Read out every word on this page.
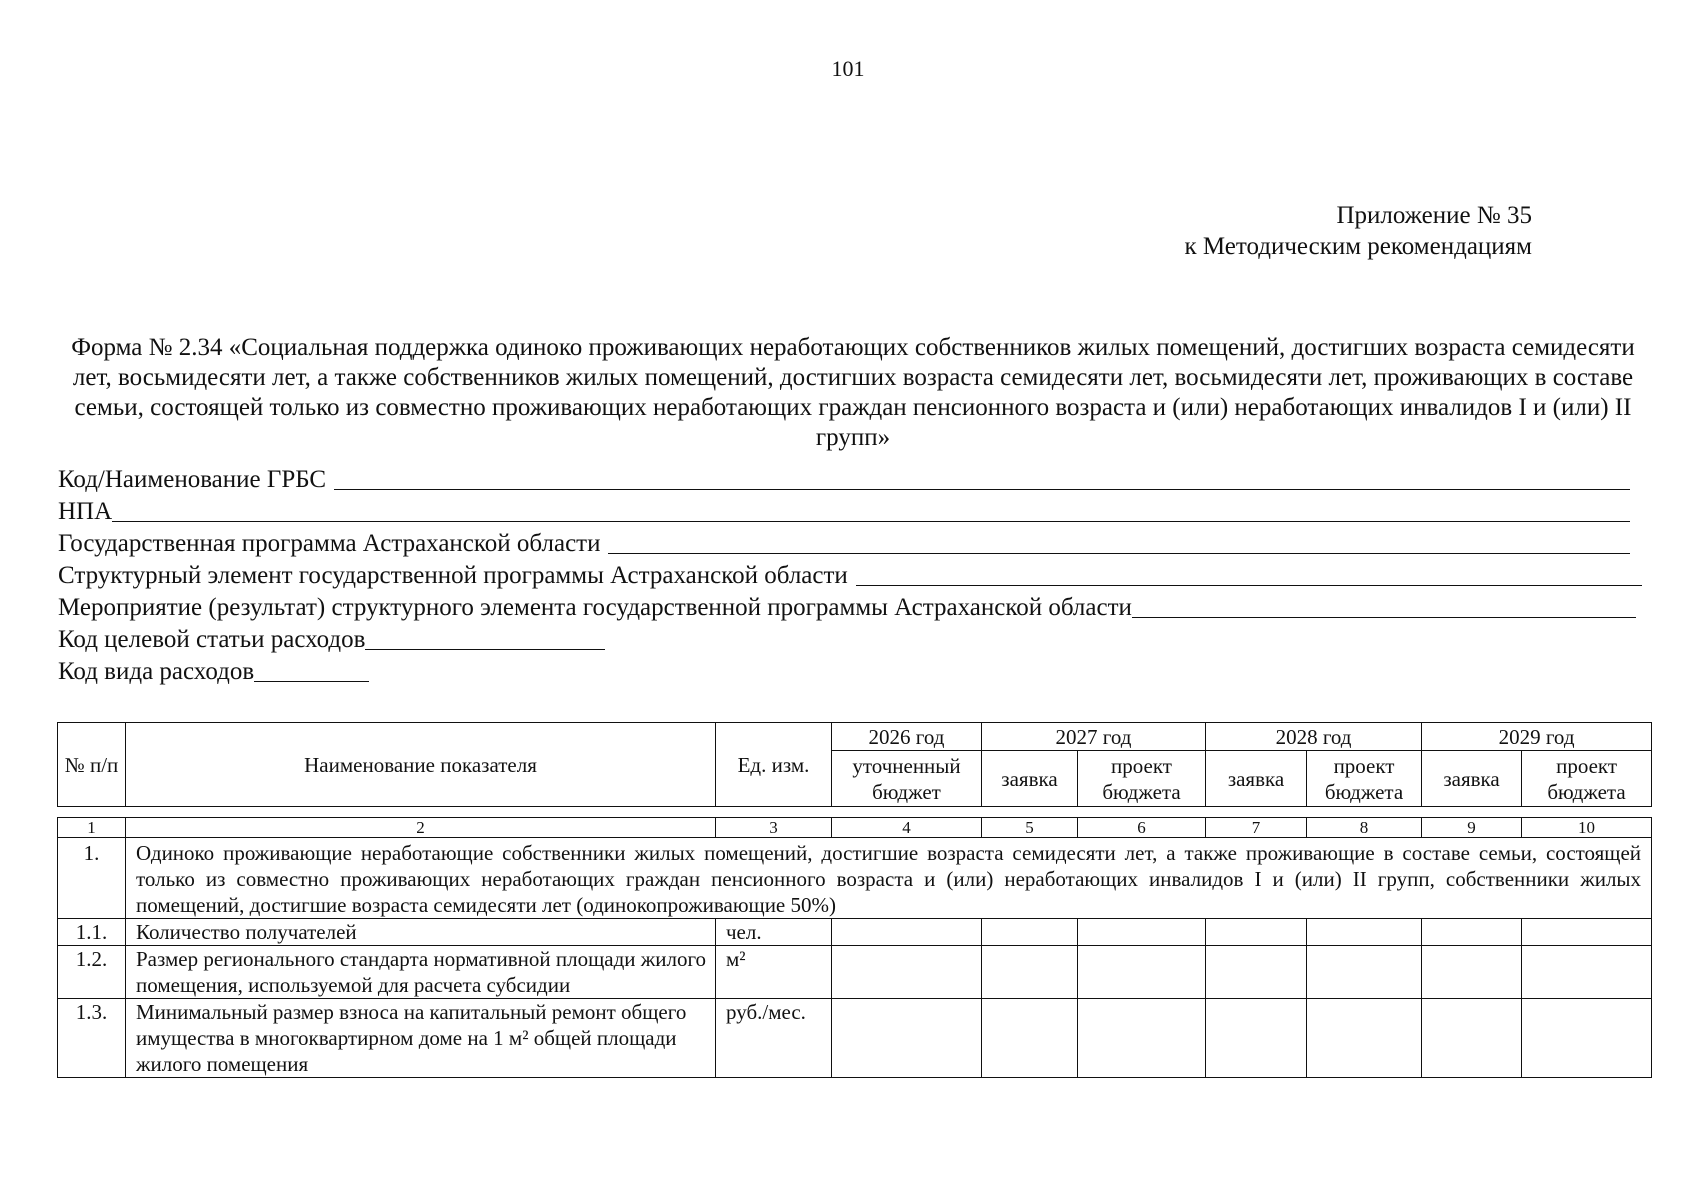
101
Приложение № 35
к Методическим рекомендациям
Форма № 2.34 «Социальная поддержка одиноко проживающих неработающих собственников жилых помещений, достигших возраста семидесяти лет, восьмидесяти лет, а также собственников жилых помещений, достигших возраста семидесяти лет, восьмидесяти лет, проживающих в составе семьи, состоящей только из совместно проживающих неработающих граждан пенсионного возраста и (или) неработающих инвалидов I и (или) II групп»
Код/Наименование ГРБС
НПА
Государственная программа Астраханской области
Структурный элемент государственной программы Астраханской области
Мероприятие (результат) структурного элемента государственной программы Астраханской области
Код целевой статьи расходов
Код вида расходов
№ п/п	Наименование показателя	Ед. изм.	2026 год	2027 год		2028 год		2029 год	
			уточненный бюджет	заявка	проект бюджета	заявка	проект бюджета	заявка	проект бюджета

1	2	3	4	5	6	7	8	9	10
1.	Одиноко проживающие неработающие собственники жилых помещений, достигшие возраста семидесяти лет, а также проживающие в составе семьи, состоящей только из совместно проживающих неработающих граждан пенсионного возраста и (или) неработающих инвалидов I и (или) II групп, собственники жилых помещений, достигшие возраста семидесяти лет (одинокопроживающие 50%)								
1.1.	Количество получателей	чел.							
1.2.	Размер регионального стандарта нормативной площади жилого помещения, используемой для расчета субсидии	м²							
1.3.	Минимальный размер взноса на капитальный ремонт общего имущества в многоквартирном доме на 1 м² общей площади жилого помещения	руб./мес.							
